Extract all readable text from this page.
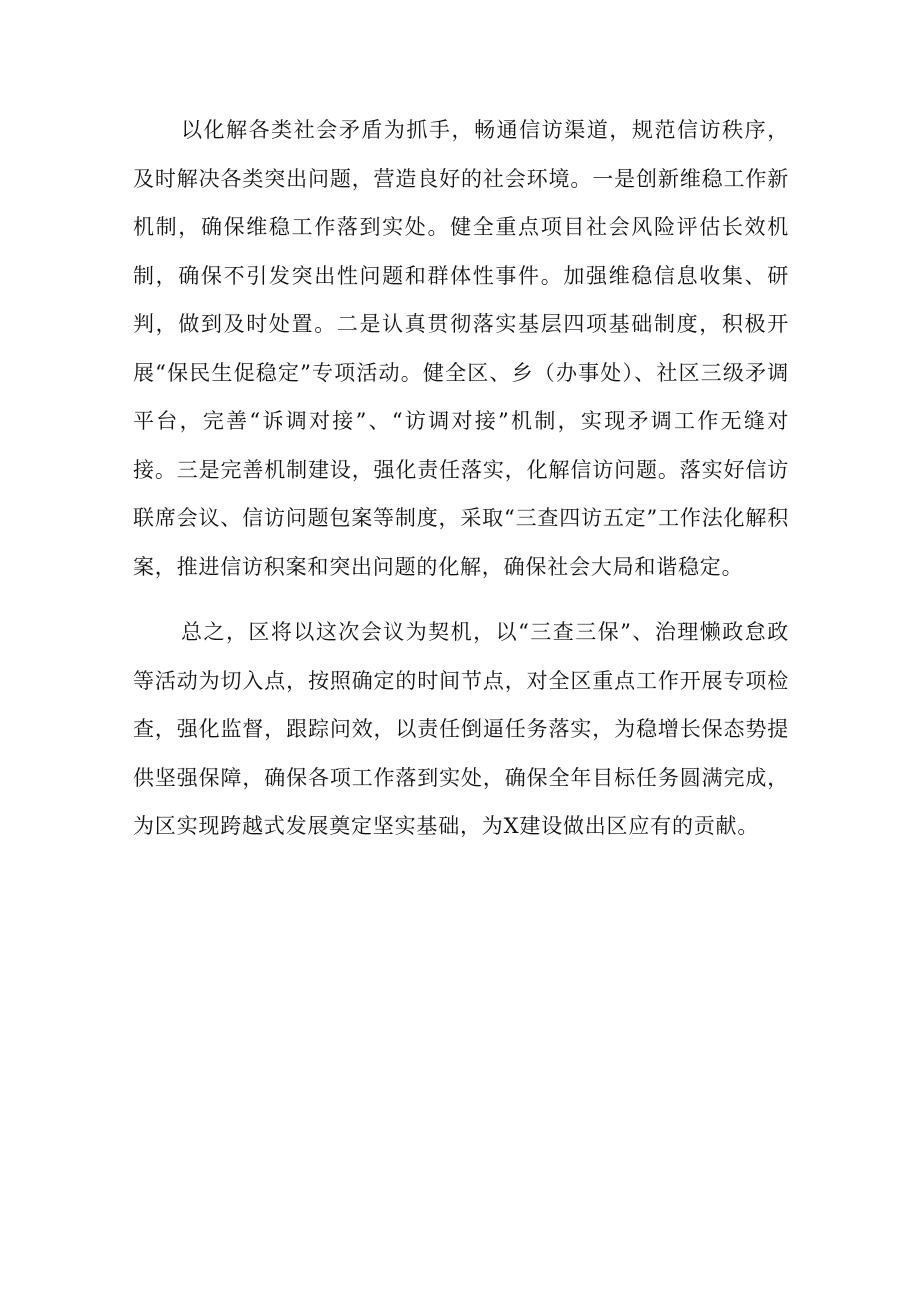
以化解各类社会矛盾为抓手，畅通信访渠道，规范信访秩序，及时解决各类突出问题，营造良好的社会环境。一是创新维稳工作新机制，确保维稳工作落到实处。健全重点项目社会风险评估长效机制，确保不引发突出性问题和群体性事件。加强维稳信息收集、研判，做到及时处置。二是认真贯彻落实基层四项基础制度，积极开展“保民生促稳定”专项活动。健全区、乡（办事处）、社区三级矛调平台，完善“诉调对接”、“访调对接”机制，实现矛调工作无缝对接。三是完善机制建设，强化责任落实，化解信访问题。落实好信访联席会议、信访问题包案等制度，采取“三查四访五定”工作法化解积案，推进信访积案和突出问题的化解，确保社会大局和谐稳定。

总之，区将以这次会议为契机，以“三查三保”、治理懒政怠政等活动为切入点，按照确定的时间节点，对全区重点工作开展专项检查，强化监督，跟踪问效，以责任倒逼任务落实，为稳增长保态势提供坚强保障，确保各项工作落到实处，确保全年目标任务圆满完成，为区实现跨越式发展奠定坚实基础，为X建设做出区应有的贡献。
